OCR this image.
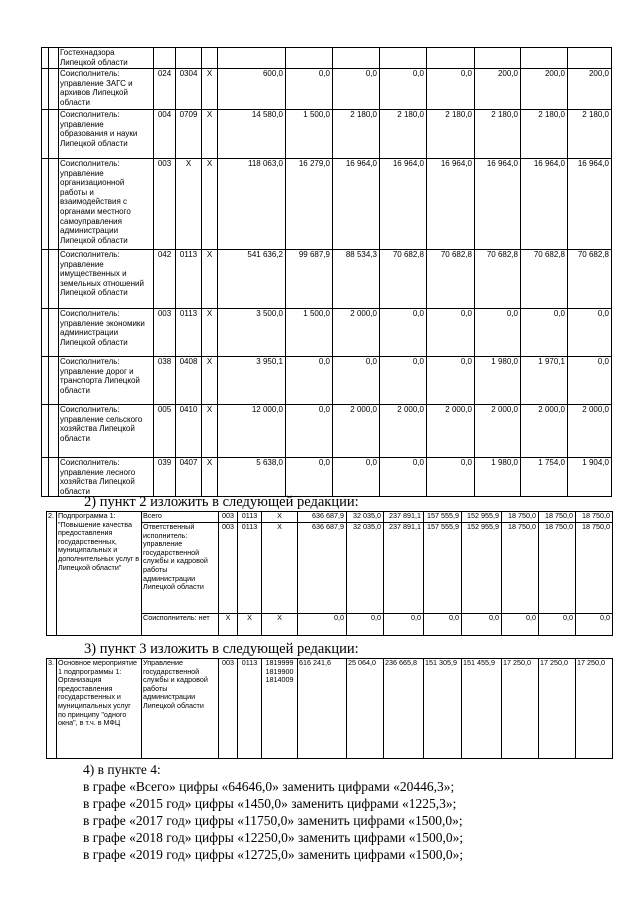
		Гостехнадзора Липецкой области											
		Соисполнитель: управление ЗАГС и архивов Липецкой области	024	0304	Х	600,0	0,0	0,0	0,0	0,0	200,0	200,0	200,0
		Соисполнитель: управление образования и науки Липецкой области	004	0709	Х	14 580,0	1 500,0	2 180,0	2 180,0	2 180,0	2 180,0	2 180,0	2 180,0
		Соисполнитель: управление организационной работы и взаимодействия с органами местного самоуправления администрации Липецкой области	003	Х	Х	118 063,0	16 279,0	16 964,0	16 964,0	16 964,0	16 964,0	16 964,0	16 964,0
		Соисполнитель: управление имущественных и земельных отношений Липецкой области	042	0113	Х	541 636,2	99 687,9	88 534,3	70 682,8	70 682,8	70 682,8	70 682,8	70 682,8
		Соисполнитель: управление экономики администрации Липецкой области	003	0113	Х	3 500,0	1 500,0	2 000,0	0,0	0,0	0,0	0,0	0,0
		Соисполнитель: управление дорог и транспорта Липецкой области	038	0408	Х	3 950,1	0,0	0,0	0,0	0,0	1 980,0	1 970,1	0,0
		Соисполнитель: управление сельского хозяйства Липецкой области	005	0410	Х	12 000,0	0,0	2 000,0	2 000,0	2 000,0	2 000,0	2 000,0	2 000,0
		Соисполнитель: управление лесного хозяйства Липецкой области	039	0407	Х	5 638,0	0,0	0,0	0,0	0,0	1 980,0	1 754,0	1 904,0
2) пункт 2 изложить в следующей редакции:
2.	Подпрограмма 1: "Повышение качества предоставления государственных, муниципальных и дополнительных услуг в Липецкой области"	Всего	003	0113	Х	636 687,9	32 035,0	237 891,1	157 555,9	152 955,9	18 750,0	18 750,0	18 750,0
		Ответственный исполнитель: управление государственной службы и кадровой работы администрации Липецкой области	003	0113	Х	636 687,9	32 035,0	237 891,1	157 555,9	152 955,9	18 750,0	18 750,0	18 750,0
		Соисполнитель: нет	Х	Х	Х	0,0	0,0	0,0	0,0	0,0	0,0	0,0	0,0
3) пункт 3 изложить в следующей редакции:
3.	Основное мероприятие 1 подпрограммы 1: Организация предоставления государственных и муниципальных услуг по принципу "одного окна", в т.ч. в МФЦ	Управление государственной службы и кадровой работы администрации Липецкой области	003	0113	1819999
1819900
1814009
	616 241,6	25 064,0	236 665,8	151 305,9	151 455,9	17 250,0	17 250,0	17 250,0
4) в пункте 4:
в графе «Всего» цифры «64646,0» заменить цифрами «20446,3»;
в графе «2015 год» цифры «1450,0» заменить цифрами «1225,3»;
в графе «2017 год» цифры «11750,0» заменить цифрами «1500,0»;
в графе «2018 год» цифры «12250,0» заменить цифрами «1500,0»;
в графе «2019 год» цифры «12725,0» заменить цифрами «1500,0»;
